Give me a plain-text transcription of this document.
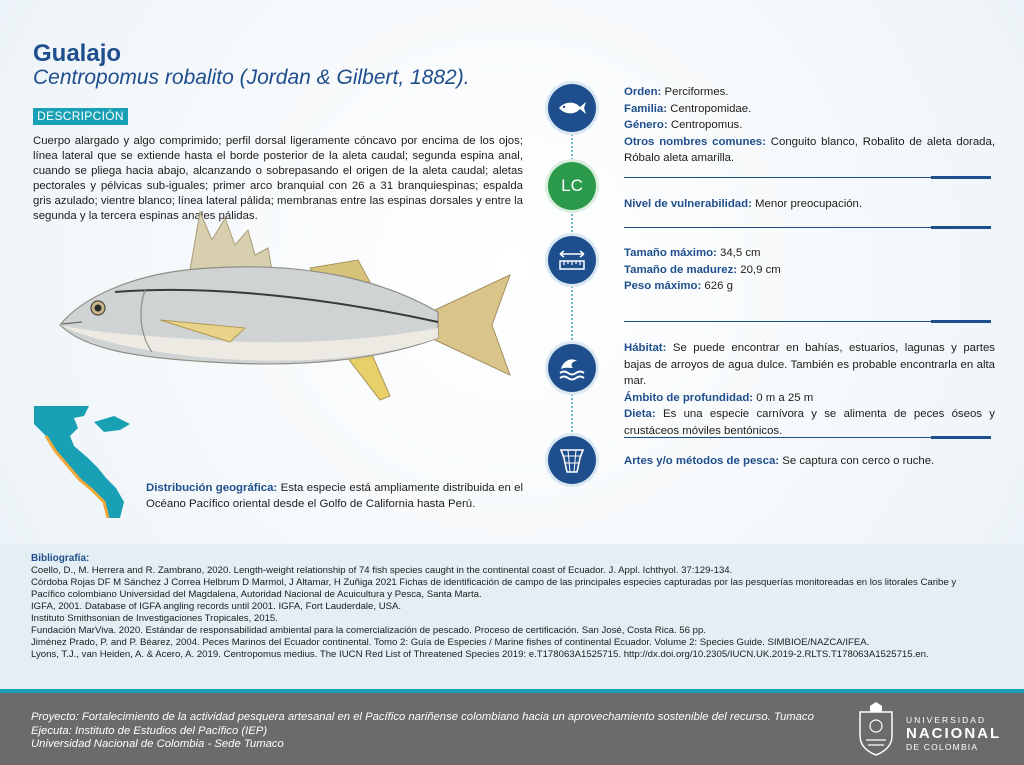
Gualajo
Centropomus robalito (Jordan & Gilbert, 1882).
DESCRIPCIÓN
Cuerpo alargado y algo comprimido; perfil dorsal ligeramente cóncavo por encima de los ojos; línea lateral que se extiende hasta el borde posterior de la aleta caudal; segunda espina anal, cuando se pliega hacia abajo, alcanzando o sobrepasando el origen de la aleta caudal; aletas pectorales y pélvicas sub-iguales; primer arco branquial con 26 a 31 branquiespinas; espalda gris azulado; vientre blanco; línea lateral pálida; membranas entre las espinas dorsales y entre la segunda y la tercera espinas anales pálidas.
Distribución geográfica: Esta especie está ampliamente distribuida en el Océano Pacífico oriental desde el Golfo de California hasta Perú.
LC
Orden: Perciformes.
Familia: Centropomidae.
Género: Centropomus.
Otros nombres comunes: Conguito blanco, Robalito de aleta dorada, Róbalo aleta amarilla.
Nivel de vulnerabilidad: Menor preocupación.
Tamaño máximo: 34,5 cm
Tamaño de madurez: 20,9 cm
Peso máximo: 626 g
Hábitat: Se puede encontrar en bahías, estuarios, lagunas y partes bajas de arroyos de agua dulce. También es probable encontrarla en alta mar.
Ámbito de profundidad: 0 m a 25 m
Dieta: Es una especie carnívora y se alimenta de peces óseos y crustáceos móviles bentónicos.
Artes y/o métodos de pesca: Se captura con cerco o ruche.

Bibliografía:

Coello, D., M. Herrera and R. Zambrano, 2020. Length-weight relationship of 74 fish species caught in the continental coast of Ecuador. J. Appl. Ichthyol. 37:129-134.

Córdoba Rojas DF M Sánchez J Correa Helbrum D Marmol, J Altamar, H Zuñiga 2021 Fichas de identificación de campo de las principales especies capturadas por las pesquerías monitoreadas en los litorales Caribe y Pacífico colombiano Universidad del Magdalena, Autoridad Nacional de Acuicultura y Pesca, Santa Marta.

IGFA, 2001. Database of IGFA angling records until 2001. IGFA, Fort Lauderdale, USA.

Instituto Smithsonian de Investigaciones Tropicales, 2015.

Fundación MarViva. 2020. Estándar de responsabilidad ambiental para la comercialización de pescado. Proceso de certificación. San José, Costa Rica. 56 pp.

Jiménez Prado, P. and P. Béarez, 2004. Peces Marinos del Ecuador continental. Tomo 2: Guía de Especies / Marine fishes of continental Ecuador. Volume 2: Species Guide. SIMBIOE/NAZCA/IFEA.

Lyons, T.J., van Heiden, A. & Acero, A. 2019. Centropomus medius. The IUCN Red List of Threatened Species 2019: e.T178063A1525715. http://dx.doi.org/10.2305/IUCN.UK.2019-2.RLTS.T178063A1525715.en.

Proyecto: Fortalecimiento de la actividad pesquera artesanal en el Pacífico nariñense colombiano hacia un aprovechamiento sostenible del recurso. Tumaco
Ejecuta: Instituto de Estudios del Pacífico (IEP)
Universidad Nacional de Colombia - Sede Tumaco
UNIVERSIDAD
NACIONAL
DE COLOMBIA
